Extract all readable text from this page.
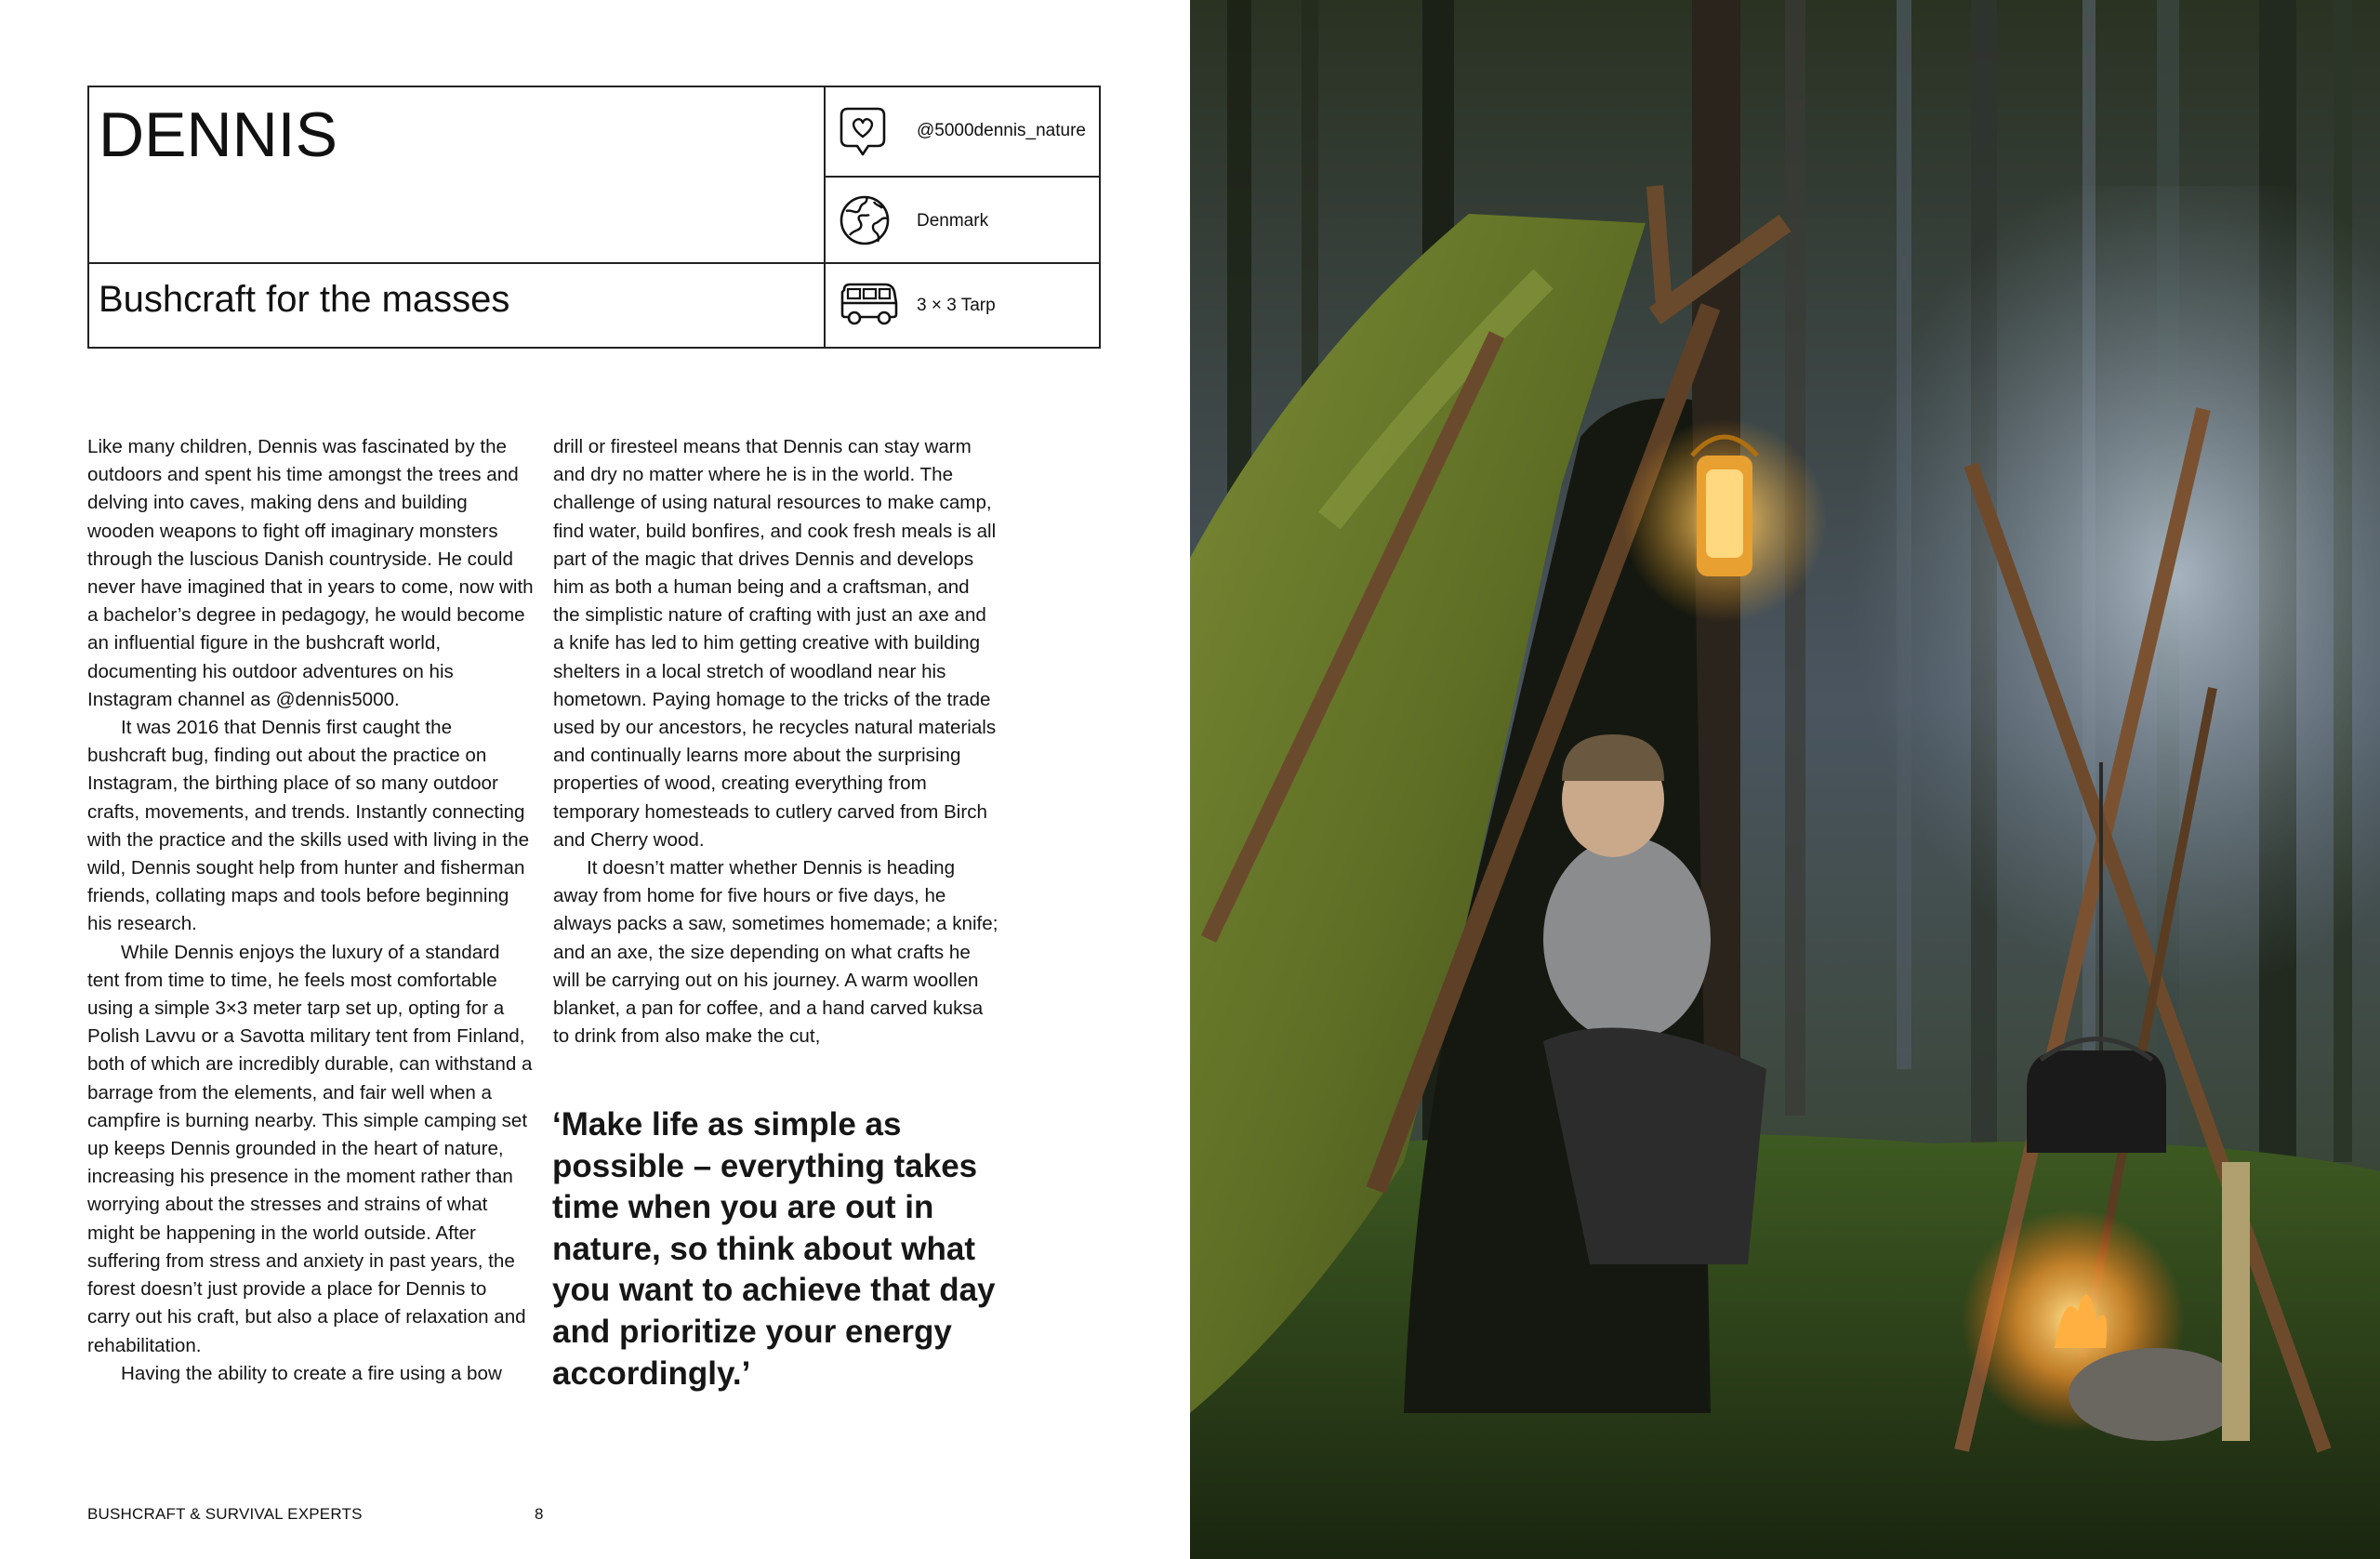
DENNIS
Bushcraft for the masses
@5000dennis_nature
Denmark
3 × 3 Tarp

Like many children, Dennis was fascinated by the outdoors and spent his time amongst the trees and delving into caves, making dens and building wooden weapons to fight off imaginary monsters through the luscious Danish countryside. He could never have imagined that in years to come, now with a bachelor’s degree in pedagogy, he would become an influential figure in the bushcraft world, documenting his outdoor adventures on his Instagram channel as @dennis5000.

It was 2016 that Dennis first caught the bushcraft bug, finding out about the practice on Instagram, the birthing place of so many outdoor crafts, movements, and trends. Instantly connecting with the practice and the skills used with living in the wild, Dennis sought help from hunter and fisherman friends, collating maps and tools before beginning his research.

While Dennis enjoys the luxury of a standard tent from time to time, he feels most comfortable using a simple 3×3 meter tarp set up, opting for a Polish Lavvu or a Savotta military tent from Finland, both of which are incredibly durable, can withstand a barrage from the elements, and fair well when a campfire is burning nearby. This simple camping set up keeps Dennis grounded in the heart of nature, increasing his presence in the moment rather than worrying about the stresses and strains of what might be happening in the world outside. After suffering from stress and anxiety in past years, the forest doesn’t just provide a place for Dennis to carry out his craft, but also a place of relaxation and rehabilitation.

Having the ability to create a fire using a bow

drill or firesteel means that Dennis can stay warm and dry no matter where he is in the world. The challenge of using natural resources to make camp, find water, build bonfires, and cook fresh meals is all part of the magic that drives Dennis and develops him as both a human being and a craftsman, and the simplistic nature of crafting with just an axe and a knife has led to him getting creative with building shelters in a local stretch of woodland near his hometown. Paying homage to the tricks of the trade used by our ancestors, he recycles natural materials and continually learns more about the surprising properties of wood, creating everything from temporary homesteads to cutlery carved from Birch and Cherry wood.

It doesn’t matter whether Dennis is heading away from home for five hours or five days, he always packs a saw, sometimes homemade; a knife; and an axe, the size depending on what crafts he will be carrying out on his journey. A warm woollen blanket, a pan for coffee, and a hand carved kuksa to drink from also make the cut,

‘Make life as simple as possible – everything takes time when you are out in nature, so think about what you want to achieve that day and prioritize your energy accordingly.’

BUSHCRAFT & SURVIVAL EXPERTS	8
